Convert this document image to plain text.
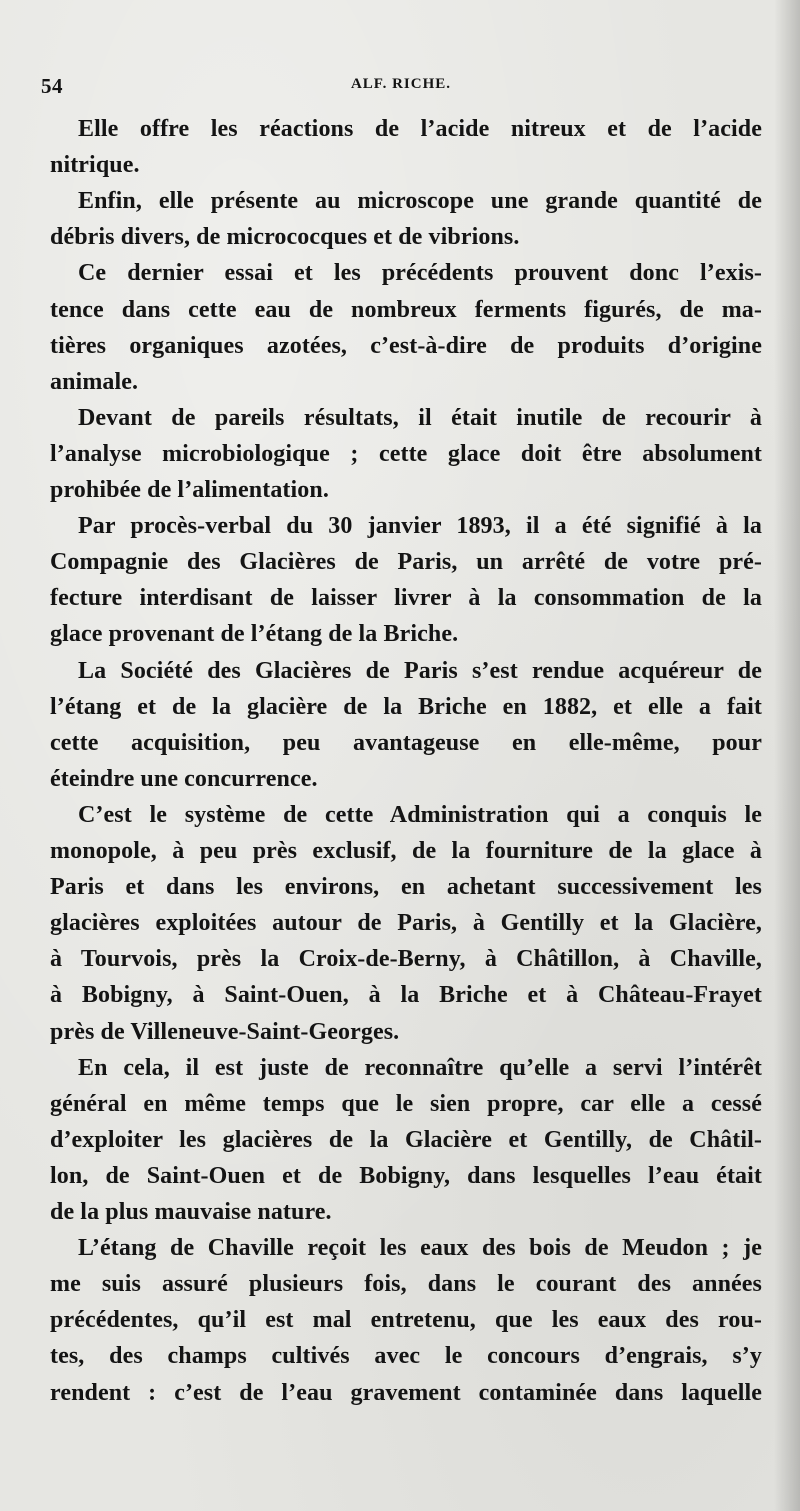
54	ALF. RICHE.
Elle offre les réactions de l’acide nitreux et de l’acide
nitrique.
Enfin, elle présente au microscope une grande quantité de
débris divers, de micrococques et de vibrions.
Ce dernier essai et les précédents prouvent donc l’exis-
tence dans cette eau de nombreux ferments figurés, de ma-
tières organiques azotées, c’est-à-dire de produits d’origine
animale.
Devant de pareils résultats, il était inutile de recourir à
l’analyse microbiologique ; cette glace doit être absolument
prohibée de l’alimentation.
Par procès-verbal du 30 janvier 1893, il a été signifié à la
Compagnie des Glacières de Paris, un arrêté de votre pré-
fecture interdisant de laisser livrer à la consommation de la
glace provenant de l’étang de la Briche.
La Société des Glacières de Paris s’est rendue acquéreur de
l’étang et de la glacière de la Briche en 1882, et elle a fait
cette acquisition, peu avantageuse en elle-même, pour
éteindre une concurrence.
C’est le système de cette Administration qui a conquis le
monopole, à peu près exclusif, de la fourniture de la glace à
Paris et dans les environs, en achetant successivement les
glacières exploitées autour de Paris, à Gentilly et la Glacière,
à Tourvois, près la Croix-de-Berny, à Châtillon, à Chaville,
à Bobigny, à Saint-Ouen, à la Briche et à Château-Frayet
près de Villeneuve-Saint-Georges.
En cela, il est juste de reconnaître qu’elle a servi l’intérêt
général en même temps que le sien propre, car elle a cessé
d’exploiter les glacières de la Glacière et Gentilly, de Châtil-
lon, de Saint-Ouen et de Bobigny, dans lesquelles l’eau était
de la plus mauvaise nature.
L’étang de Chaville reçoit les eaux des bois de Meudon ; je
me suis assuré plusieurs fois, dans le courant des années
précédentes, qu’il est mal entretenu, que les eaux des rou-
tes, des champs cultivés avec le concours d’engrais, s’y
rendent : c’est de l’eau gravement contaminée dans laquelle
